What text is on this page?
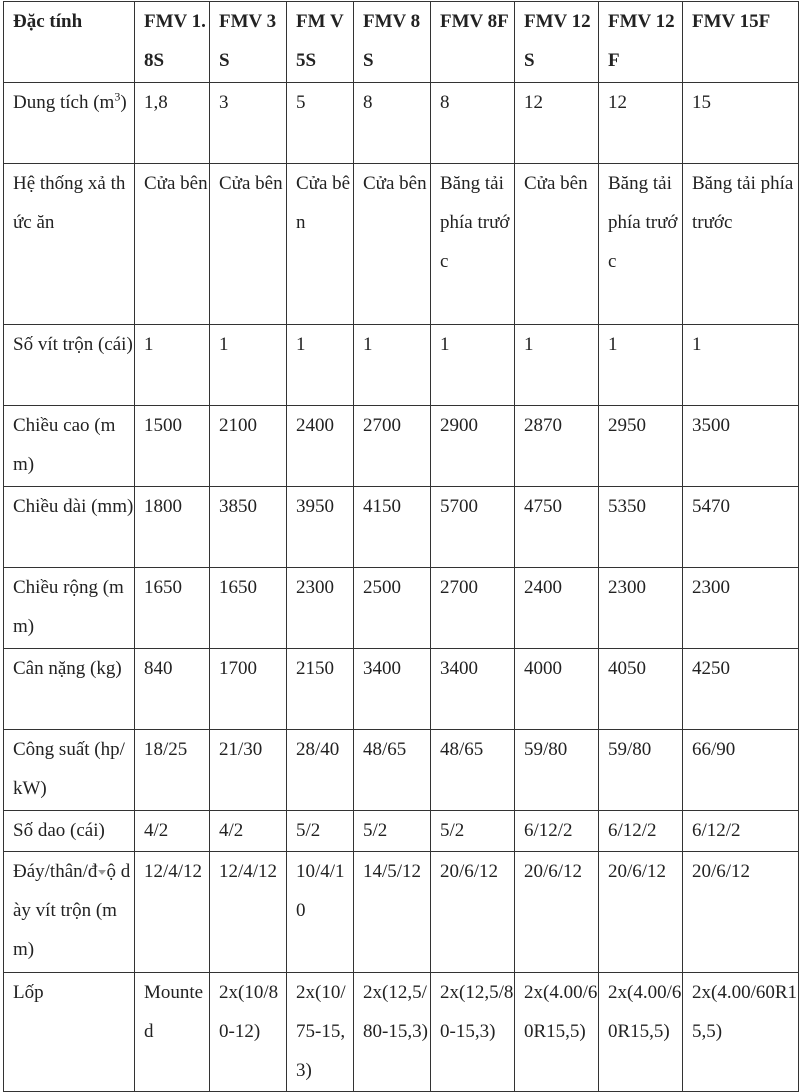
Đặc tính	FMV 1.8S	FMV 3S	FM V 5S	FMV 8S	FMV 8F	FMV 12S	FMV 12F	FMV 15F
Dung tích $(m^3)$	1,8	3	5	8	8	12	12	15
Hệ thống xả thức ăn	Cửa bên	Cửa bên	Cửa bên	Cửa bên	Băng tải phía trước	Cửa bên	Băng tải phía trước	Băng tải phía trước
Số vít trộn (cái)	1	1	1	1	1	1	1	1
Chiều cao (mm)	1500	2100	2400	2700	2900	2870	2950	3500
Chiều dài (mm)	1800	3850	3950	4150	5700	4750	5350	5470
Chiều rộng (mm)	1650	1650	2300	2500	2700	2400	2300	2300
Cân nặng (kg)	840	1700	2150	3400	3400	4000	4050	4250
Công suất (hp/kW)	18/25	21/30	28/40	48/65	48/65	59/80	59/80	66/90
Số dao (cái)	4/2	4/2	5/2	5/2	5/2	6/12/2	6/12/2	6/12/2
Đáy/thân/đ ộ dày vít trộn (mm)	12/4/12	12/4/12	10/4/10	14/5/12	20/6/12	20/6/12	20/6/12	20/6/12
Lốp	Mounted	2x(10/80-12)	2x(10/75-15,3)	2x(12,5/80-15,3)	2x(12,5/80-15,3)	2x(4.00/60R15,5)	2x(4.00/60R15,5)	2x(4.00/60R15,5)
